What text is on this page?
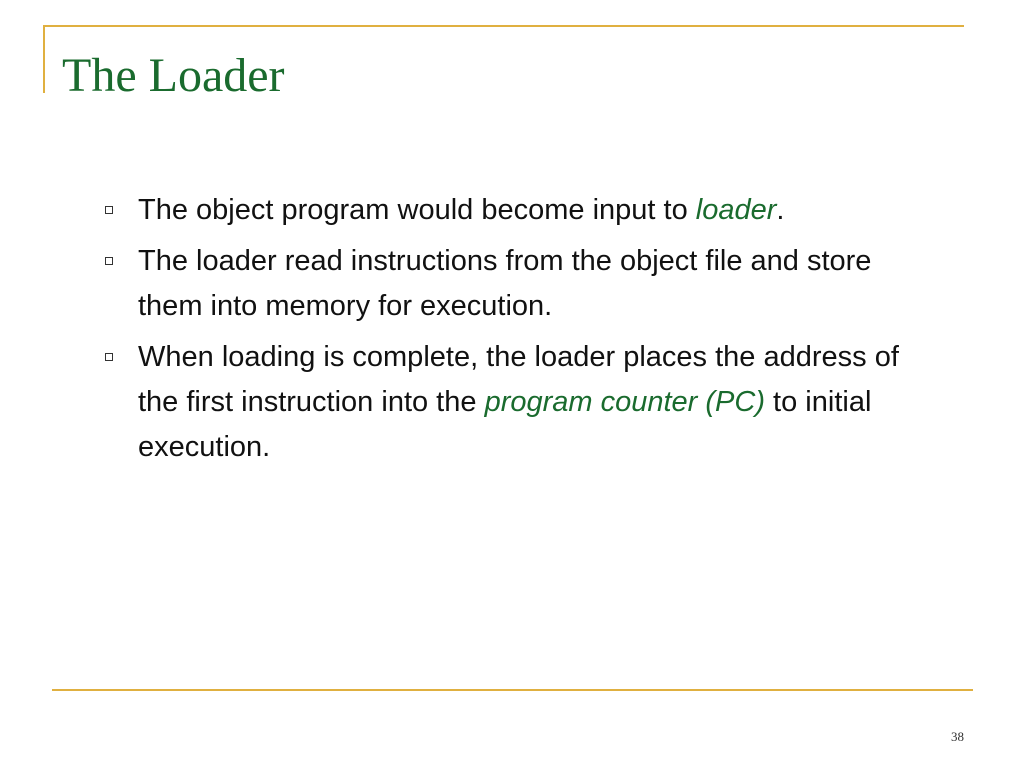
The Loader
The object program would become input to loader.
The loader read instructions from the object file and store them into memory for execution.
When loading is complete, the loader places the address of the first instruction into the program counter (PC) to initial execution.
38
